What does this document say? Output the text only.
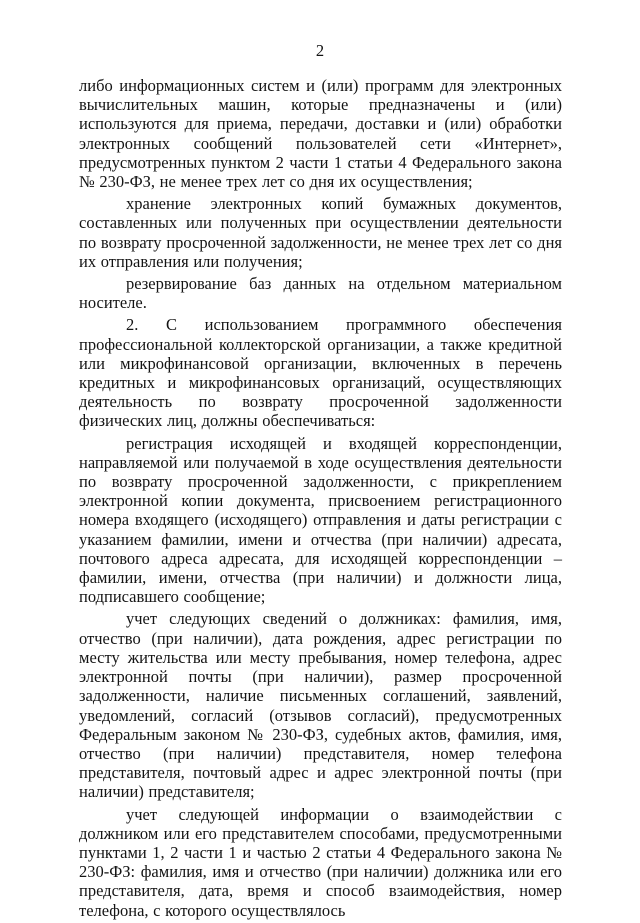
2

либо информационных систем и (или) программ для электронных вычислительных машин, которые предназначены и (или) используются для приема, передачи, доставки и (или) обработки электронных сообщений пользователей сети «Интернет», предусмотренных пунктом 2 части 1 статьи 4 Федерального закона № 230-ФЗ, не менее трех лет со дня их осуществления;

хранение электронных копий бумажных документов, составленных или полученных при осуществлении деятельности по возврату просроченной задолженности, не менее трех лет со дня их отправления или получения;

резервирование баз данных на отдельном материальном носителе.

2. С использованием программного обеспечения профессиональной коллекторской организации, а также кредитной или микрофинансовой организации, включенных в перечень кредитных и микрофинансовых организаций, осуществляющих деятельность по возврату просроченной задолженности физических лиц, должны обеспечиваться:

регистрация исходящей и входящей корреспонденции, направляемой или получаемой в ходе осуществления деятельности по возврату просроченной задолженности, с прикреплением электронной копии документа, присвоением регистрационного номера входящего (исходящего) отправления и даты регистрации с указанием фамилии, имени и отчества (при наличии) адресата, почтового адреса адресата, для исходящей корреспонденции – фамилии, имени, отчества (при наличии) и должности лица, подписавшего сообщение;

учет следующих сведений о должниках: фамилия, имя, отчество (при наличии), дата рождения, адрес регистрации по месту жительства или месту пребывания, номер телефона, адрес электронной почты (при наличии), размер просроченной задолженности, наличие письменных соглашений, заявлений, уведомлений, согласий (отзывов согласий), предусмотренных Федеральным законом № 230-ФЗ, судебных актов, фамилия, имя, отчество (при наличии) представителя, номер телефона представителя, почтовый адрес и адрес электронной почты (при наличии) представителя;

учет следующей информации о взаимодействии с должником или его представителем способами, предусмотренными пунктами 1, 2 части 1 и частью 2 статьи 4 Федерального закона № 230-ФЗ: фамилия, имя и отчество (при наличии) должника или его представителя, дата, время и способ взаимодействия, номер телефона, с которого осуществлялось
